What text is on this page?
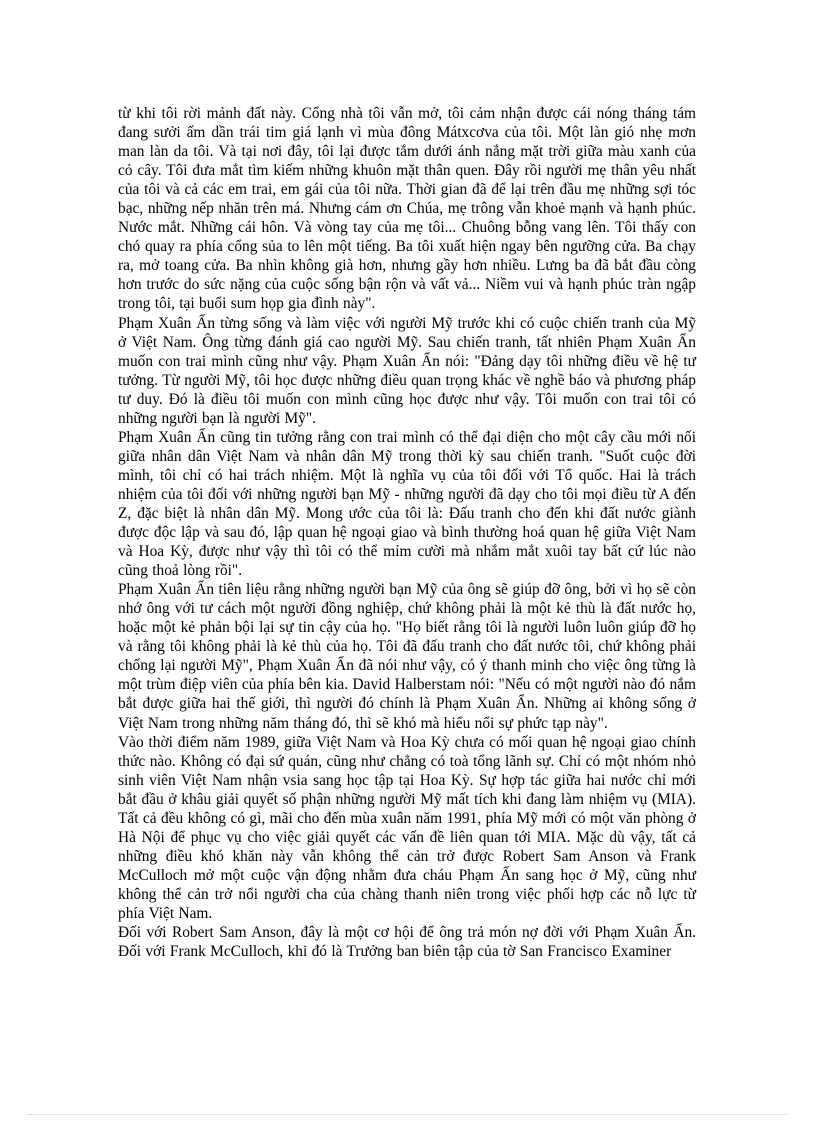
từ khi tôi rời mảnh đất này. Cổng nhà tôi vẫn mở, tôi cảm nhận được cái nóng tháng tám đang sưởi ấm dần trái tim giá lạnh vì mùa đông Mátxcơva của tôi. Một làn gió nhẹ mơn man làn da tôi. Và tại nơi đây, tôi lại được tắm dưới ánh nắng mặt trời giữa màu xanh của cỏ cây. Tôi đưa mắt tìm kiếm những khuôn mặt thân quen. Đây rồi người mẹ thân yêu nhất của tôi và cả các em trai, em gái của tôi nữa. Thời gian đã để lại trên đầu mẹ những sợi tóc bạc, những nếp nhăn trên má. Nhưng cám ơn Chúa, mẹ trông vẫn khoẻ mạnh và hạnh phúc. Nước mắt. Những cái hôn. Và vòng tay của mẹ tôi... Chuông bỗng vang lên. Tôi thấy con chó quay ra phía cổng sủa to lên một tiếng. Ba tôi xuất hiện ngay bên ngưỡng cửa. Ba chạy ra, mở toang cửa. Ba nhìn không già hơn, nhưng gầy hơn nhiều. Lưng ba đã bắt đầu còng hơn trước do sức nặng của cuộc sống bận rộn và vất vả... Niềm vui và hạnh phúc tràn ngập trong tôi, tại buổi sum họp gia đình này".

Phạm Xuân Ẩn từng sống và làm việc với người Mỹ trước khi có cuộc chiến tranh của Mỹ ở Việt Nam. Ông từng đánh giá cao người Mỹ. Sau chiến tranh, tất nhiên Phạm Xuân Ẩn muốn con trai mình cũng như vậy. Phạm Xuân Ẩn nói: "Đảng dạy tôi những điều về hệ tư tưởng. Từ người Mỹ, tôi học được những điều quan trọng khác về nghề báo và phương pháp tư duy. Đó là điều tôi muốn con mình cũng học được như vậy. Tôi muốn con trai tôi có những người bạn là người Mỹ".

Phạm Xuân Ẩn cũng tin tưởng rằng con trai mình có thể đại diện cho một cây cầu mới nối giữa nhân dân Việt Nam và nhân dân Mỹ trong thời kỳ sau chiến tranh. "Suốt cuộc đời mình, tôi chỉ có hai trách nhiệm. Một là nghĩa vụ của tôi đối với Tổ quốc. Hai là trách nhiệm của tôi đối với những người bạn Mỹ - những người đã dạy cho tôi mọi điều từ A đến Z, đặc biệt là nhân dân Mỹ. Mong ước của tôi là: Đấu tranh cho đến khi đất nước giành được độc lập và sau đó, lập quan hệ ngoại giao và bình thường hoá quan hệ giữa Việt Nam và Hoa Kỳ, được như vậy thì tôi có thể mỉm cười mà nhắm mắt xuôi tay bất cứ lúc nào cũng thoả lòng rồi".

Phạm Xuân Ẩn tiên liệu rằng những người bạn Mỹ của ông sẽ giúp đỡ ông, bởi vì họ sẽ còn nhớ ông với tư cách một người đồng nghiệp, chứ không phải là một kẻ thù là đất nước họ, hoặc một kẻ phản bội lại sự tin cậy của họ. "Họ biết rằng tôi là người luôn luôn giúp đỡ họ và rằng tôi không phải là kẻ thù của họ. Tôi đã đấu tranh cho đất nước tôi, chứ không phải chống lại người Mỹ", Phạm Xuân Ẩn đã nói như vậy, có ý thanh minh cho việc ông từng là một trùm điệp viên của phía bên kia. David Halberstam nói: "Nếu có một người nào đó nắm bắt được giữa hai thế giới, thì người đó chính là Phạm Xuân Ẩn. Những ai không sống ở Việt Nam trong những năm tháng đó, thì sẽ khó mà hiểu nổi sự phức tạp này".

Vào thời điểm năm 1989, giữa Việt Nam và Hoa Kỳ chưa có mối quan hệ ngoại giao chính thức nào. Không có đại sứ quán, cũng như chẳng có toà tổng lãnh sự. Chỉ có một nhóm nhỏ sinh viên Việt Nam nhận vsia sang học tập tại Hoa Kỳ. Sự hợp tác giữa hai nước chỉ mới bắt đầu ở khâu giải quyết số phận những người Mỹ mất tích khi đang làm nhiệm vụ (MIA). Tất cả đều không có gì, mãi cho đến mùa xuân năm 1991, phía Mỹ mới có một văn phòng ở Hà Nội để phục vụ cho việc giải quyết các vấn đề liên quan tới MIA. Mặc dù vậy, tất cả những điều khó khăn này vẫn không thể cản trở được Robert Sam Anson và Frank McCulloch mở một cuộc vận động nhằm đưa cháu Phạm Ẩn sang học ở Mỹ, cũng như không thể cản trở nổi người cha của chàng thanh niên trong việc phối hợp các nỗ lực từ phía Việt Nam.

Đối với Robert Sam Anson, đây là một cơ hội để ông trả món nợ đời với Phạm Xuân Ẩn. Đối với Frank McCulloch, khi đó là Trưởng ban biên tập của tờ San Francisco Examiner
